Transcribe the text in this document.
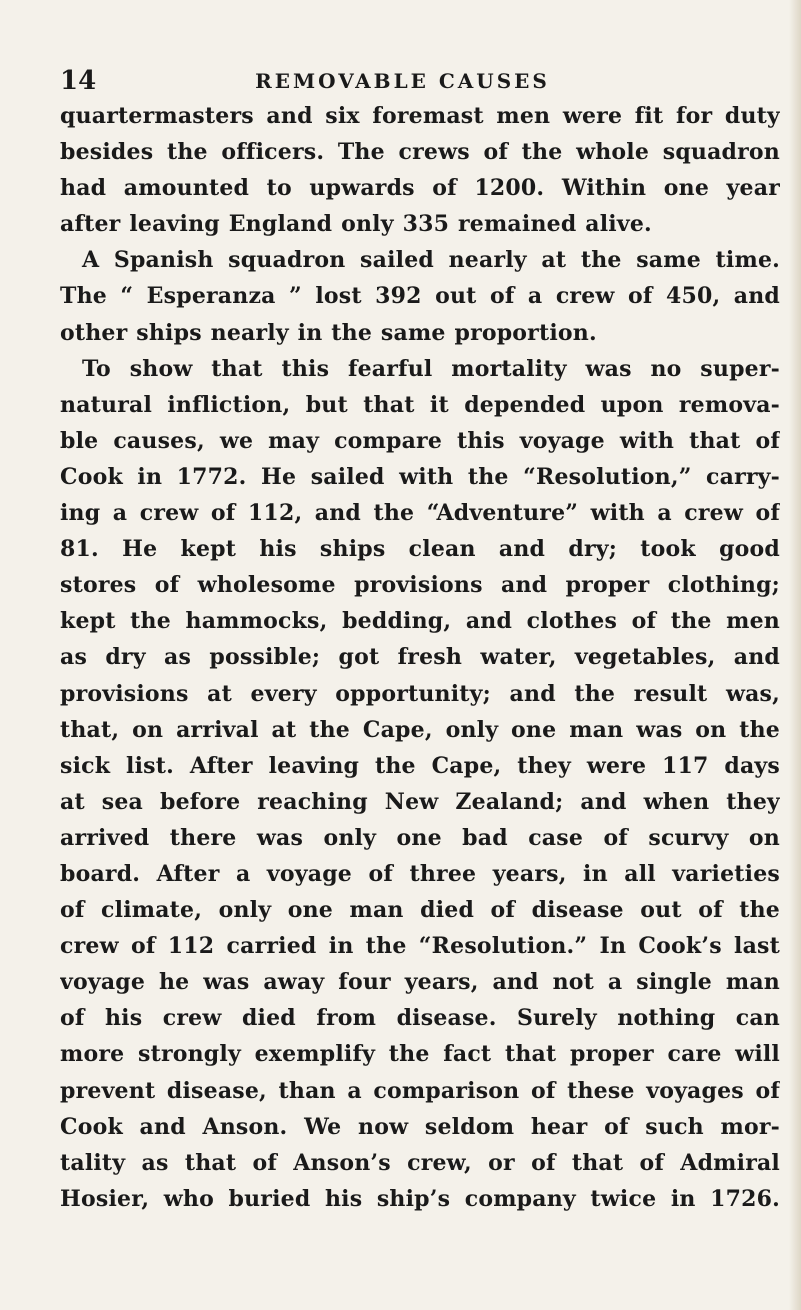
14	REMOVABLE CAUSES
quartermasters and six foremast men were fit for duty
besides the officers. The crews of the whole squadron
had amounted to upwards of 1200. Within one year
after leaving England only 335 remained alive.
A Spanish squadron sailed nearly at the same time.
The “ Esperanza ” lost 392 out of a crew of 450, and
other ships nearly in the same proportion.
To show that this fearful mortality was no super-
natural infliction, but that it depended upon remova-
ble causes, we may compare this voyage with that of
Cook in 1772. He sailed with the “Resolution,” carry-
ing a crew of 112, and the “Adventure” with a crew of
81. He kept his ships clean and dry; took good
stores of wholesome provisions and proper clothing;
kept the hammocks, bedding, and clothes of the men
as dry as possible; got fresh water, vegetables, and
provisions at every opportunity; and the result was,
that, on arrival at the Cape, only one man was on the
sick list. After leaving the Cape, they were 117 days
at sea before reaching New Zealand; and when they
arrived there was only one bad case of scurvy on
board. After a voyage of three years, in all varieties
of climate, only one man died of disease out of the
crew of 112 carried in the “Resolution.” In Cook’s last
voyage he was away four years, and not a single man
of his crew died from disease. Surely nothing can
more strongly exemplify the fact that proper care will
prevent disease, than a comparison of these voyages of
Cook and Anson. We now seldom hear of such mor-
tality as that of Anson’s crew, or of that of Admiral
Hosier, who buried his ship’s company twice in 1726.
